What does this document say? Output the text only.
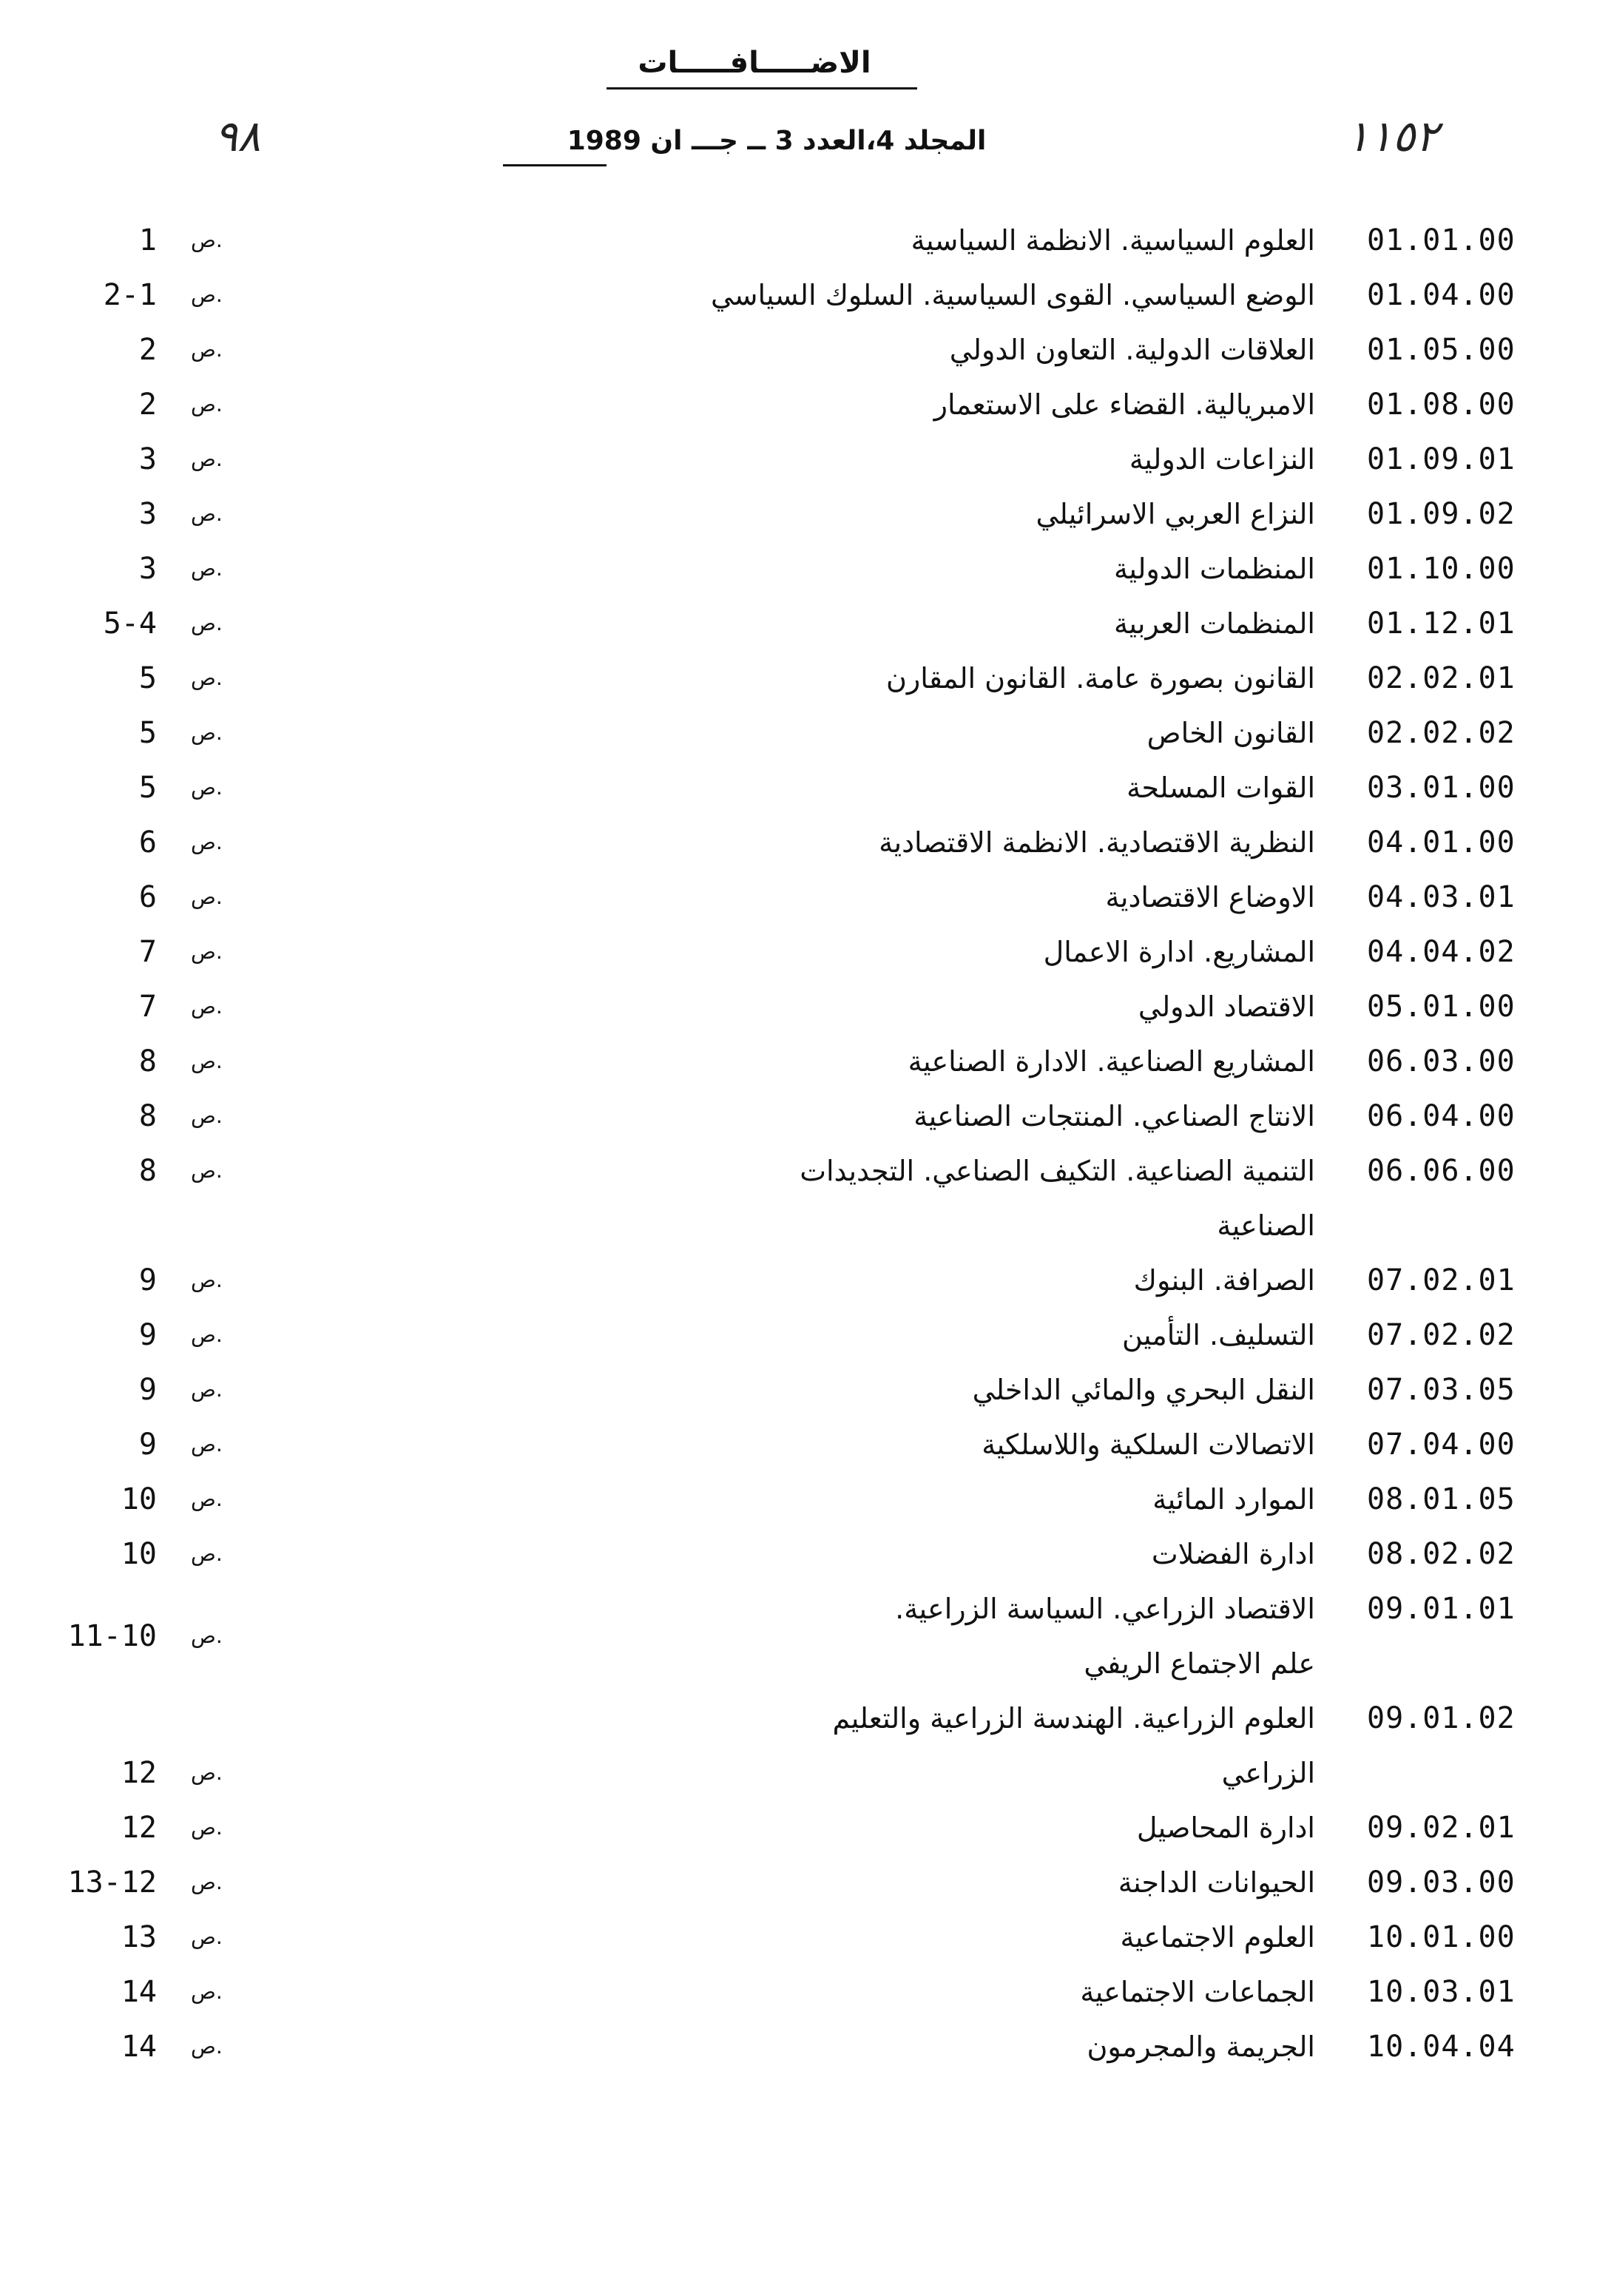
الاضـــــافـــــات
٩٨	١١٥٢
المجلد 4،العدد 3 ــ جـــ ان 1989
01.01.00
العلوم السياسية. الانظمة السياسية
1 ص.
01.04.00
الوضع السياسي. القوى السياسية. السلوك السياسي
2-1 ص.
01.05.00
العلاقات الدولية. التعاون الدولي
2 ص.
01.08.00
الامبريالية. القضاء على الاستعمار
2 ص.
01.09.01
النزاعات الدولية
3 ص.
01.09.02
النزاع العربي الاسرائيلي
3 ص.
01.10.00
المنظمات الدولية
3 ص.
01.12.01
المنظمات العربية
5-4 ص.
02.02.01
القانون بصورة عامة. القانون المقارن
5 ص.
02.02.02
القانون الخاص
5 ص.
03.01.00
القوات المسلحة
5 ص.
04.01.00
النظرية الاقتصادية. الانظمة الاقتصادية
6 ص.
04.03.01
الاوضاع الاقتصادية
6 ص.
04.04.02
المشاريع. ادارة الاعمال
7 ص.
05.01.00
الاقتصاد الدولي
7 ص.
06.03.00
المشاريع الصناعية. الادارة الصناعية
8 ص.
06.04.00
الانتاج الصناعي. المنتجات الصناعية
8 ص.
06.06.00
التنمية الصناعية. التكيف الصناعي. التجديدات
8 ص.
الصناعية
07.02.01
الصرافة. البنوك
9 ص.
07.02.02
التسليف. التأمين
9 ص.
07.03.05
النقل البحري والمائي الداخلي
9 ص.
07.04.00
الاتصالات السلكية واللاسلكية
9 ص.
08.01.05
الموارد المائية
10 ص.
08.02.02
ادارة الفضلات
10 ص.
11-10 ص.
09.01.01
الاقتصاد الزراعي. السياسة الزراعية.
علم الاجتماع الريفي
09.01.02
العلوم الزراعية. الهندسة الزراعية والتعليم
الزراعي
12 ص.
09.02.01
ادارة المحاصيل
12 ص.
09.03.00
الحيوانات الداجنة
13-12 ص.
10.01.00
العلوم الاجتماعية
13 ص.
10.03.01
الجماعات الاجتماعية
14 ص.
10.04.04
الجريمة والمجرمون
14 ص.
